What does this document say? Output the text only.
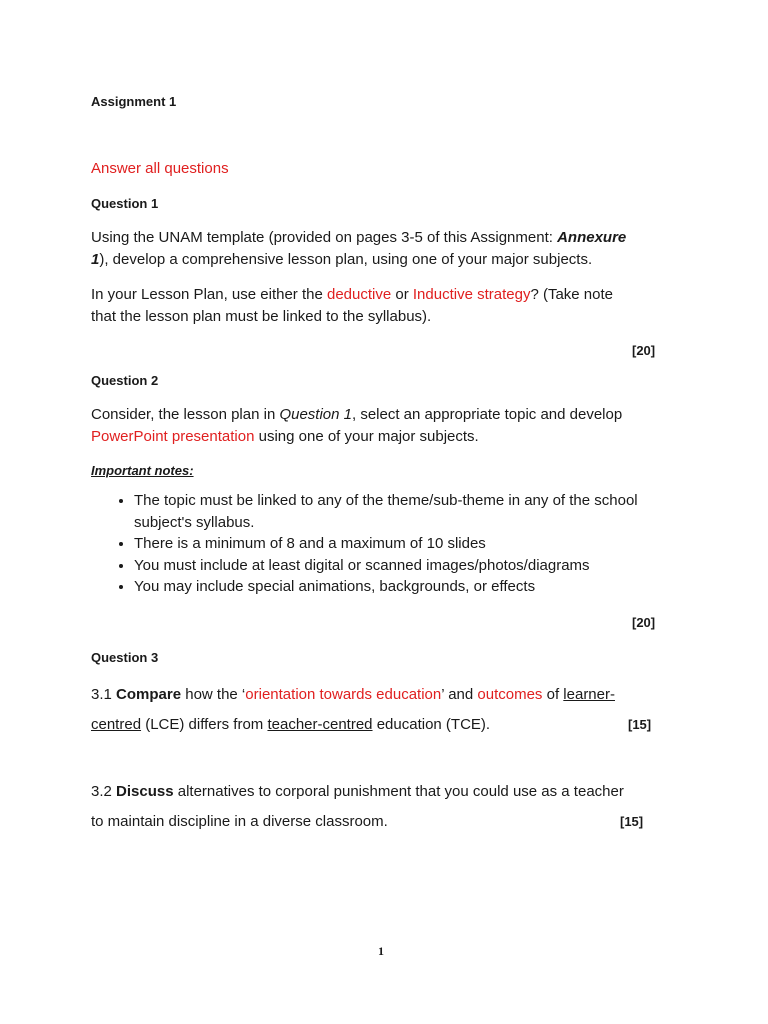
Assignment 1
Answer all questions
Question 1
Using the UNAM template (provided on pages 3-5 of this Assignment: Annexure
1), develop a comprehensive lesson plan, using one of your major subjects.
In your Lesson Plan, use either the deductive or Inductive strategy? (Take note
that the lesson plan must be linked to the syllabus).
[20]
Question 2
Consider, the lesson plan in Question 1, select an appropriate topic and develop
PowerPoint presentation using one of your major subjects.
Important notes:
• The topic must be linked to any of the theme/sub-theme in any of the school subject's syllabus.
• There is a minimum of 8 and a maximum of 10 slides
• You must include at least digital or scanned images/photos/diagrams
• You may include special animations, backgrounds, or effects
[20]
Question 3
3.1 Compare how the ‘orientation towards education’ and outcomes of learner-
centred (LCE) differs from teacher-centred education (TCE).	[15]
3.2 Discuss alternatives to corporal punishment that you could use as a teacher
to maintain discipline in a diverse classroom.	[15]
1
